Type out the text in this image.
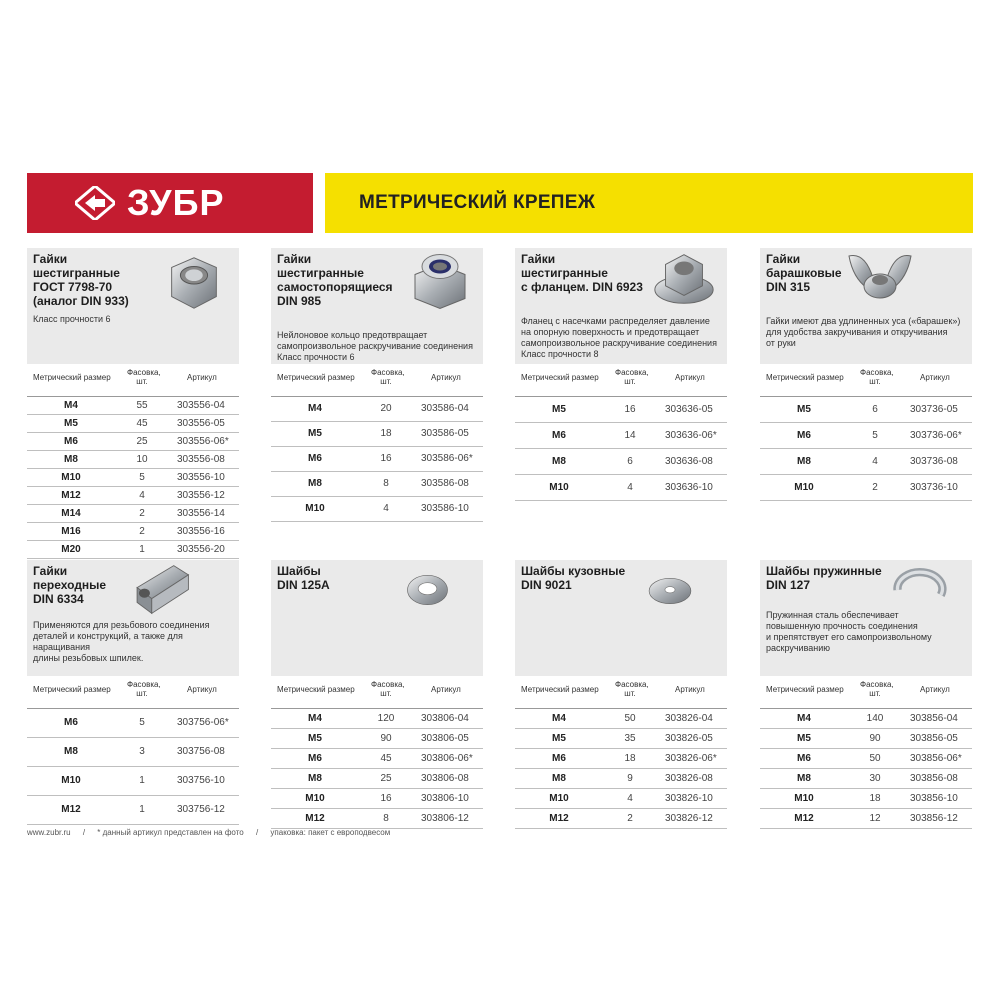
ЗУБР	МЕТРИЧЕСКИЙ КРЕПЕЖ
Гайки
шестигранные
ГОСТ 7798-70
(аналог DIN 933)
Класс прочности 6
Метрический размер
Фасовка,
шт.	Артикул
M4	55	303556-04
M5	45	303556-05
M6	25	303556-06*
M8	10	303556-08
M10	5	303556-10
M12	4	303556-12
M14	2	303556-14
M16	2	303556-16
M20	1	303556-20
Гайки
шестигранные
самостопорящиеся
DIN 985
Нейлоновое кольцо предотвращает
самопроизвольное раскручивание соединения
Класс прочности 6
Метрический размер
Фасовка,
шт.	Артикул
M4	20	303586-04
M5	18	303586-05
M6	16	303586-06*
M8	8	303586-08
M10	4	303586-10
Гайки
шестигранные
с фланцем. DIN 6923
Фланец с насечками распределяет давление
на опорную поверхность и предотвращает
самопроизвольное раскручивание соединения
Класс прочности 8
Метрический размер
Фасовка,
шт.	Артикул
M5	16	303636-05
M6	14	303636-06*
M8	6	303636-08
M10	4	303636-10
Гайки
барашковые
DIN 315
Гайки имеют два удлиненных уса («барашек»)
для удобства закручивания и откручивания
от руки
Метрический размер
Фасовка,
шт.	Артикул
M5	6	303736-05
M6	5	303736-06*
M8	4	303736-08
M10	2	303736-10
Гайки
переходные
DIN 6334
Применяются для резьбового соединения
деталей и конструкций, а также для наращивания
длины резьбовых шпилек.
Метрический размер
Фасовка,
шт.	Артикул
M6	5	303756-06*
M8	3	303756-08
M10	1	303756-10
M12	1	303756-12
Шайбы
DIN 125A
Метрический размер
Фасовка,
шт.	Артикул
M4	120	303806-04
M5	90	303806-05
M6	45	303806-06*
M8	25	303806-08
M10	16	303806-10
M12	8	303806-12
Шайбы кузовные
DIN 9021
Метрический размер
Фасовка,
шт.	Артикул
M4	50	303826-04
M5	35	303826-05
M6	18	303826-06*
M8	9	303826-08
M10	4	303826-10
M12	2	303826-12
Шайбы пружинные
DIN 127
Пружинная сталь обеспечивает
повышенную прочность соединения
и препятствует его самопроизвольному
раскручиванию
Метрический размер
Фасовка,
шт.	Артикул
M4	140	303856-04
M5	90	303856-05
M6	50	303856-06*
M8	30	303856-08
M10	18	303856-10
M12	12	303856-12
www.zubr.ru / * данный артикул представлен на фото / упаковка: пакет с европодвесом
